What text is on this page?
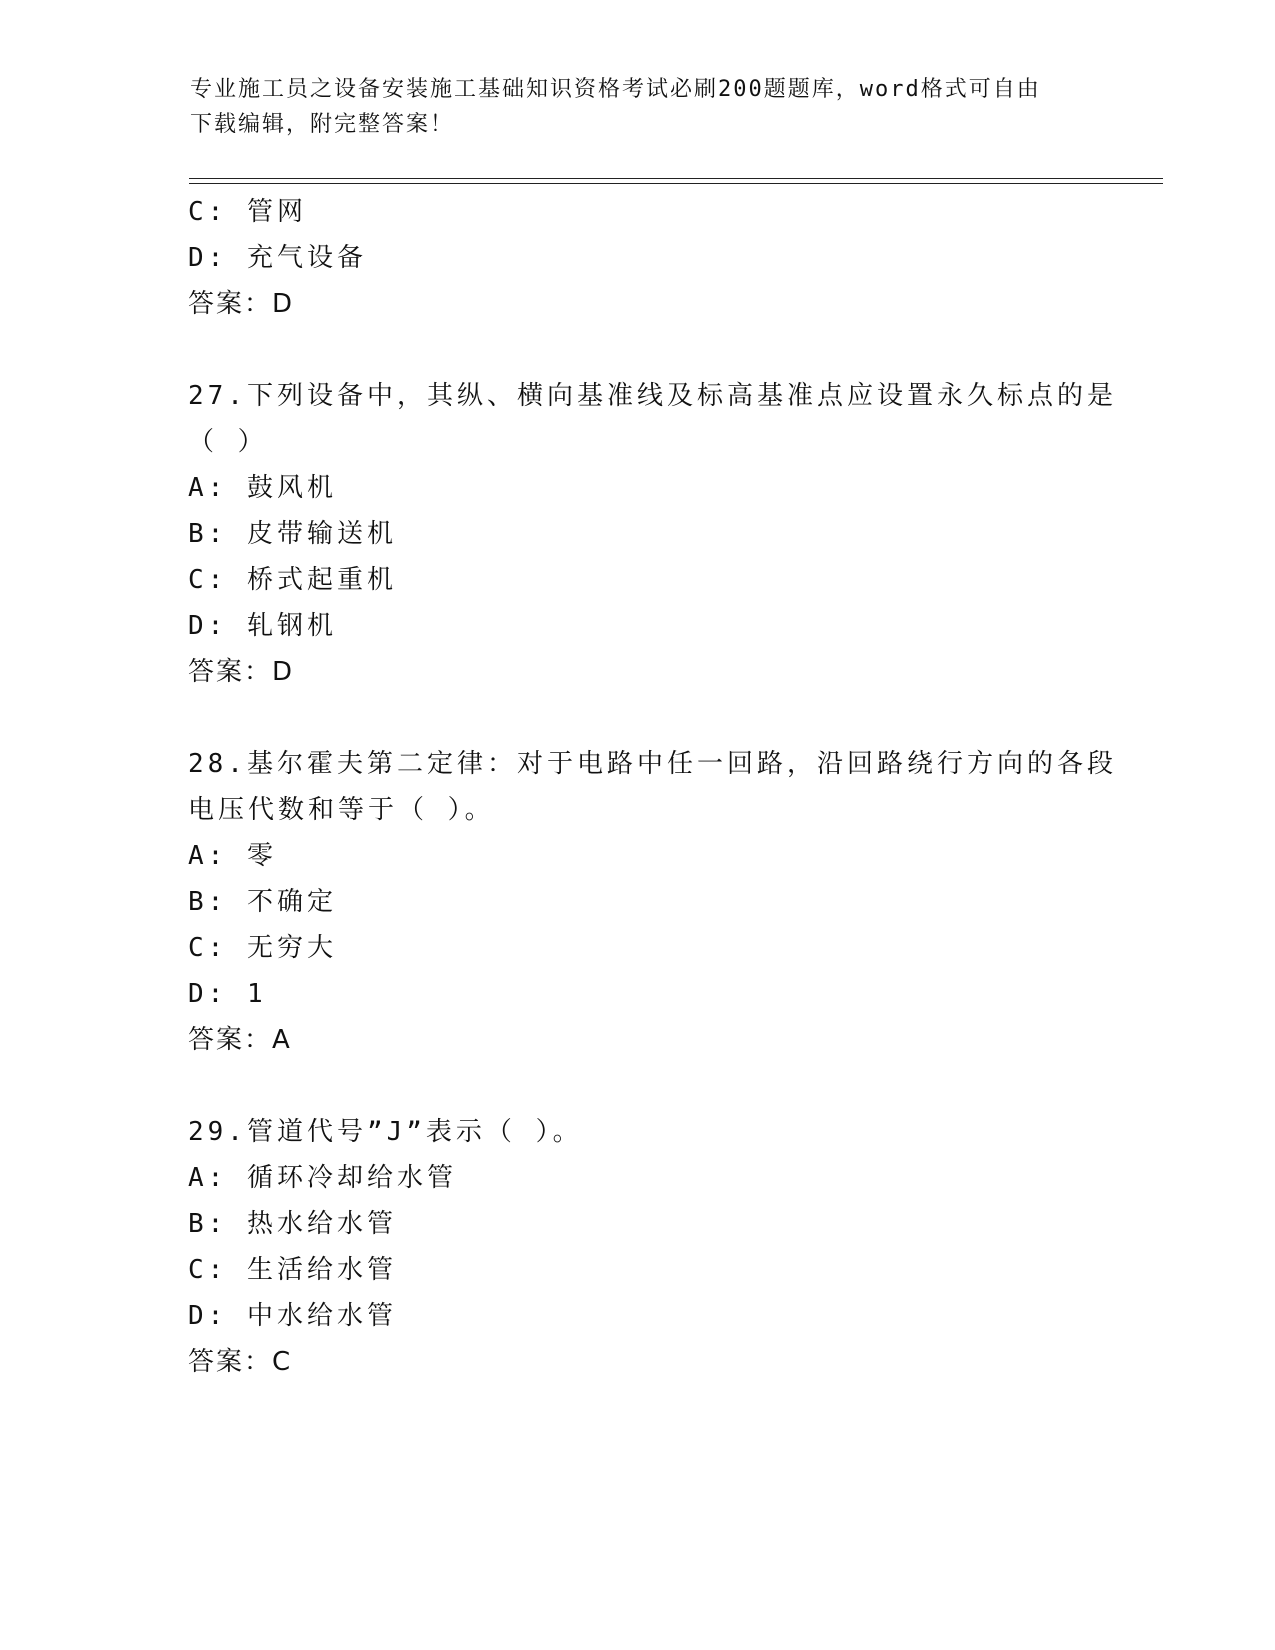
专业施工员之设备安装施工基础知识资格考试必刷200题题库，word格式可自由
下载编辑，附完整答案！
C: 管网
D: 充气设备
答案：D
27.下列设备中，其纵、横向基准线及标高基准点应设置永久标点的是
（ ）
A: 鼓风机
B: 皮带输送机
C: 桥式起重机
D: 轧钢机
答案：D
28.基尔霍夫第二定律：对于电路中任一回路，沿回路绕行方向的各段
电压代数和等于（ ）。
A: 零
B: 不确定
C: 无穷大
D: 1
答案：A
29.管道代号”J”表示（ ）。
A: 循环冷却给水管
B: 热水给水管
C: 生活给水管
D: 中水给水管
答案：C
